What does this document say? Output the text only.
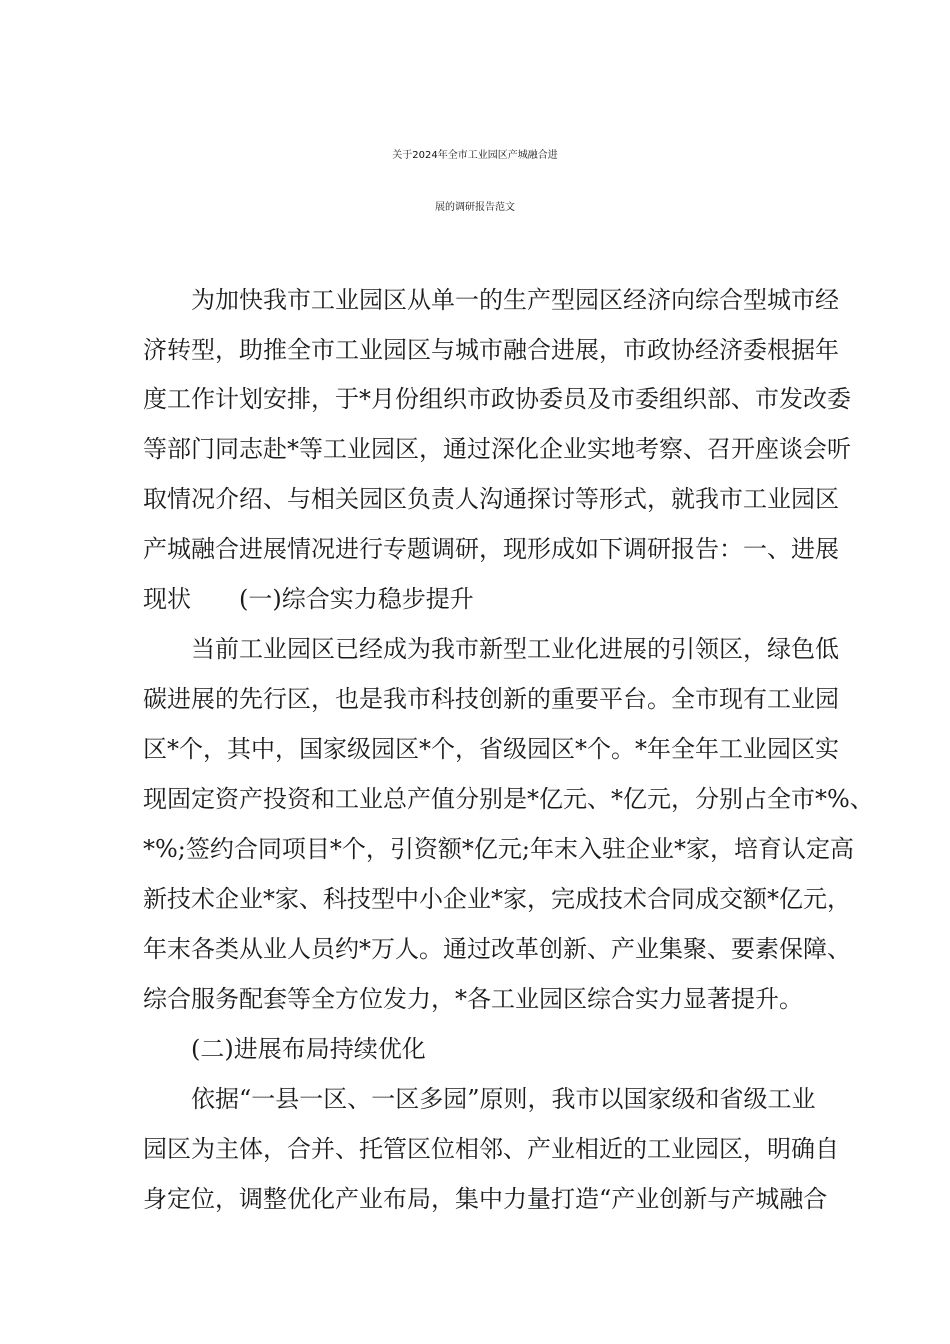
关于2024年全市工业园区产城融合进
展的调研报告范文
为加快我市工业园区从单一的生产型园区经济向综合型城市经
济转型，助推全市工业园区与城市融合进展，市政协经济委根据年
度工作计划安排，于*月份组织市政协委员及市委组织部、市发改委
等部门同志赴*等工业园区，通过深化企业实地考察、召开座谈会听
取情况介绍、与相关园区负责人沟通探讨等形式，就我市工业园区
产城融合进展情况进行专题调研，现形成如下调研报告：一、进展
现状　　(一)综合实力稳步提升
当前工业园区已经成为我市新型工业化进展的引领区，绿色低
碳进展的先行区，也是我市科技创新的重要平台。全市现有工业园
区*个，其中，国家级园区*个，省级园区*个。*年全年工业园区实
现固定资产投资和工业总产值分别是*亿元、*亿元，分别占全市*%、
*%;签约合同项目*个，引资额*亿元;年末入驻企业*家，培育认定高
新技术企业*家、科技型中小企业*家，完成技术合同成交额*亿元，
年末各类从业人员约*万人。通过改革创新、产业集聚、要素保障、
综合服务配套等全方位发力，*各工业园区综合实力显著提升。
(二)进展布局持续优化
依据“一县一区、一区多园”原则，我市以国家级和省级工业
园区为主体，合并、托管区位相邻、产业相近的工业园区，明确自
身定位，调整优化产业布局，集中力量打造“产业创新与产城融合
